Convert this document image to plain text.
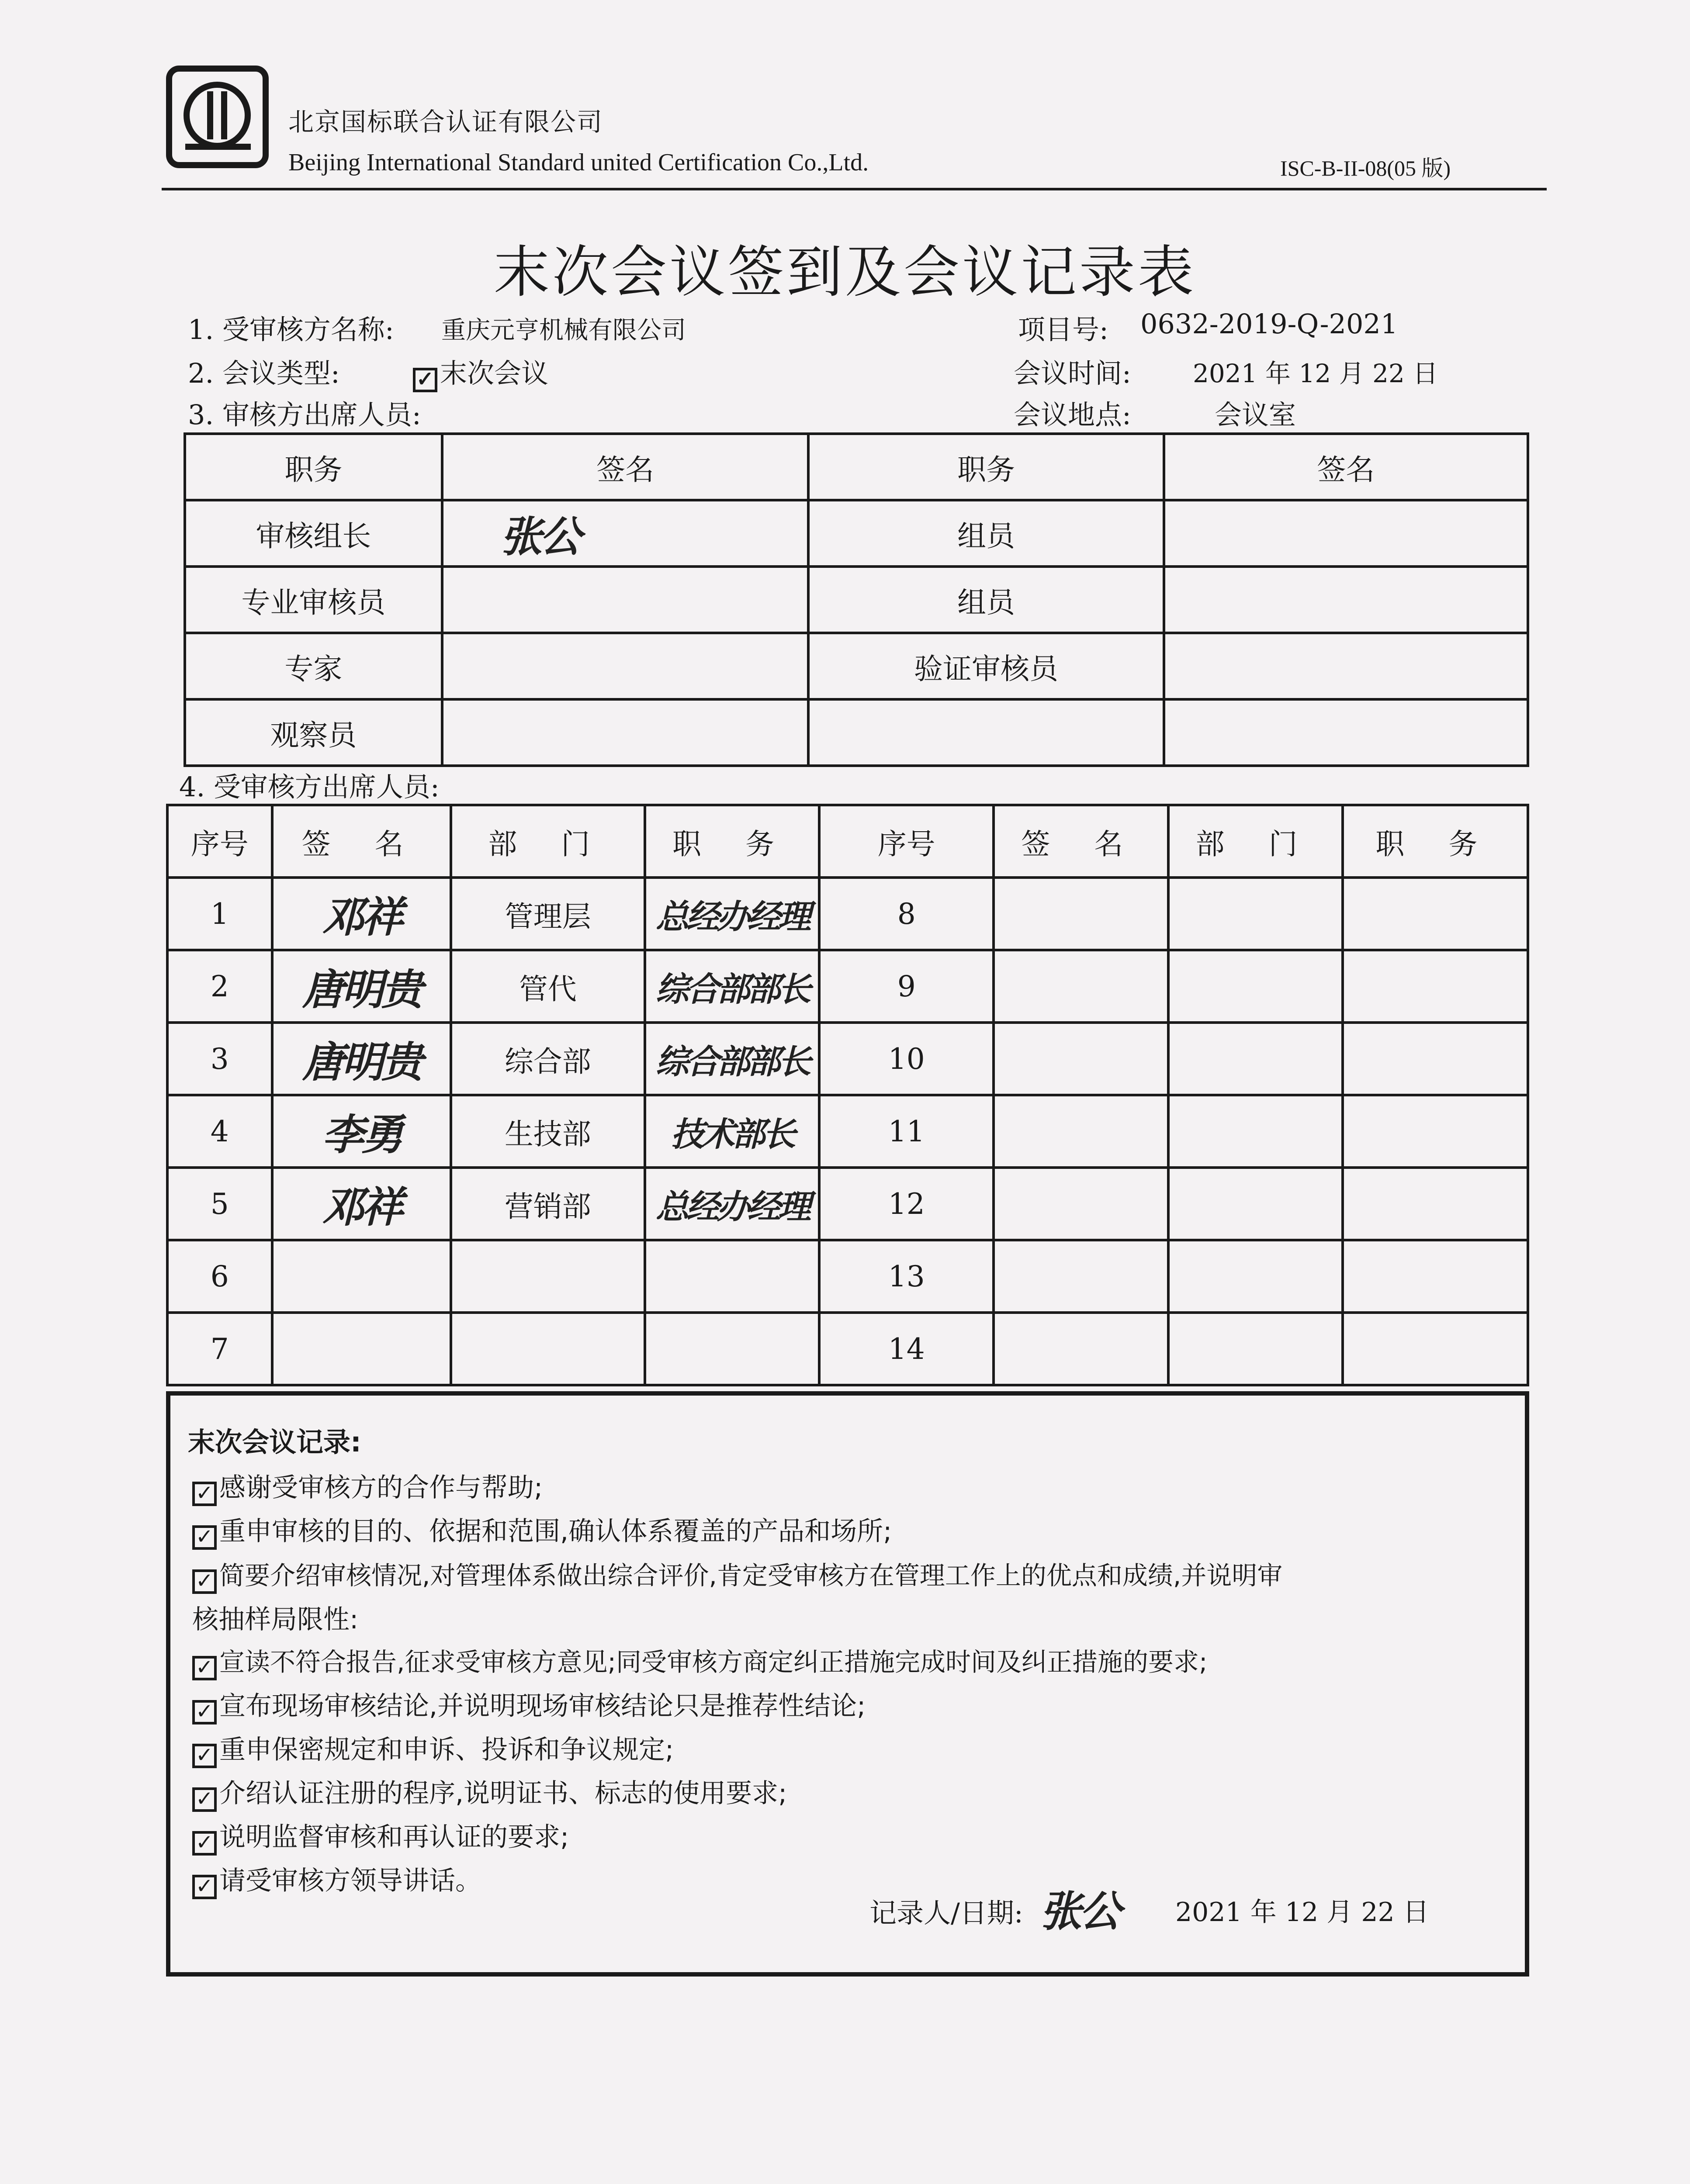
北京国标联合认证有限公司
Beijing International Standard united Certification Co.,Ltd.	ISC-B-II-08(05 版)
末次会议签到及会议记录表
1. 受审核方名称: 重庆元亨机械有限公司	项目号: 0632-2019-Q-2021
2. 会议类型:	✓ 末次会议	会议时间: 2021 年 12 月 22 日
3. 审核方出席人员:	会议地点:	会议室
职务	签名	职务	签名
审核组长	张公	组员	
专业审核员		组员	
专家		验证审核员	
观察员			
4. 受审核方出席人员:
序号	签 名	部 门	职 务	序号	签 名	部 门	职 务
1	邓祥	管理层	总经办经理	8			
2	唐明贵	管代	综合部部长	9			
3	唐明贵	综合部	综合部部长	10			
4	李勇	生技部	技术部长	11			
5	邓祥	营销部	总经办经理	12			
6				13			
7				14			
末次会议记录:
✓ 感谢受审核方的合作与帮助;
✓ 重申审核的目的、依据和范围,确认体系覆盖的产品和场所;
✓ 简要介绍审核情况,对管理体系做出综合评价,肯定受审核方在管理工作上的优点和成绩,并说明审
核抽样局限性:
✓ 宣读不符合报告,征求受审核方意见;同受审核方商定纠正措施完成时间及纠正措施的要求;
✓ 宣布现场审核结论,并说明现场审核结论只是推荐性结论;
✓ 重申保密规定和申诉、投诉和争议规定;
✓ 介绍认证注册的程序,说明证书、标志的使用要求;
✓ 说明监督审核和再认证的要求;
✓ 请受审核方领导讲话。
记录人/日期: 张公 2021 年 12 月 22 日
